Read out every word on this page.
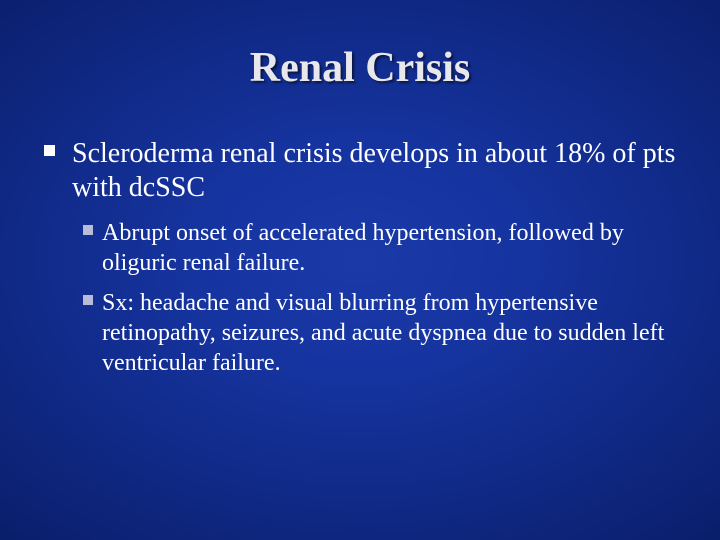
Renal Crisis
Scleroderma renal crisis develops in about 18% of pts with dcSSC
Abrupt onset of accelerated hypertension, followed by oliguric renal failure.
Sx: headache and visual blurring from hypertensive retinopathy, seizures, and acute dyspnea due to sudden left ventricular failure.
